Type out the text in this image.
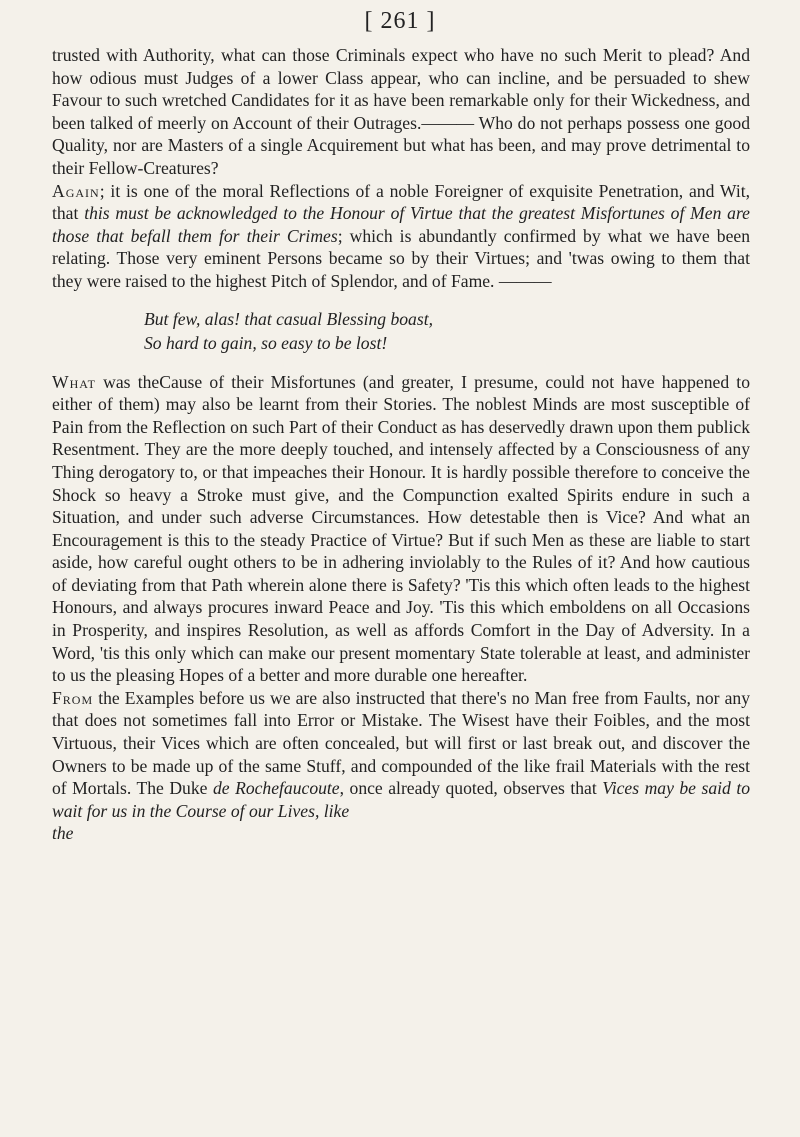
[ 261 ]

trusted with Authority, what can those Criminals expect who have no such Merit to plead? And how odious must Judges of a lower Class appear, who can incline, and be persuaded to shew Favour to such wretched Candidates for it as have been remarkable only for their Wickedness, and been talked of meerly on Account of their Outrages.——— Who do not perhaps possess one good Quality, nor are Masters of a single Acquirement but what has been, and may prove detrimental to their Fellow-Creatures?

Again; it is one of the moral Reflections of a noble Foreigner of exquisite Penetration, and Wit, that this must be acknowledged to the Honour of Virtue that the greatest Misfortunes of Men are those that befall them for their Crimes; which is abundantly confirmed by what we have been relating. Those very eminent Persons became so by their Virtues; and 'twas owing to them that they were raised to the highest Pitch of Splendor, and of Fame. ———

But few, alas! that casual Blessing boast,
So hard to gain, so easy to be lost!

What was theCause of their Misfortunes (and greater, I presume, could not have happened to either of them) may also be learnt from their Stories. The noblest Minds are most susceptible of Pain from the Reflection on such Part of their Conduct as has deservedly drawn upon them publick Resentment. They are the more deeply touched, and intensely affected by a Consciousness of any Thing derogatory to, or that impeaches their Honour. It is hardly possible therefore to conceive the Shock so heavy a Stroke must give, and the Compunction exalted Spirits endure in such a Situation, and under such adverse Circumstances. How detestable then is Vice? And what an Encouragement is this to the steady Practice of Virtue? But if such Men as these are liable to start aside, how careful ought others to be in adhering inviolably to the Rules of it? And how cautious of deviating from that Path wherein alone there is Safety? 'Tis this which often leads to the highest Honours, and always procures inward Peace and Joy. 'Tis this which emboldens on all Occasions in Prosperity, and inspires Resolution, as well as affords Comfort in the Day of Adversity. In a Word, 'tis this only which can make our present momentary State tolerable at least, and administer to us the pleasing Hopes of a better and more durable one hereafter.

From the Examples before us we are also instructed that there's no Man free from Faults, nor any that does not sometimes fall into Error or Mistake. The Wisest have their Foibles, and the most Virtuous, their Vices which are often concealed, but will first or last break out, and discover the Owners to be made up of the same Stuff, and compounded of the like frail Materials with the rest of Mortals. The Duke de Rochefaucoute, once already quoted, observes that Vices may be said to wait for us in the Course of our Lives, like

the
